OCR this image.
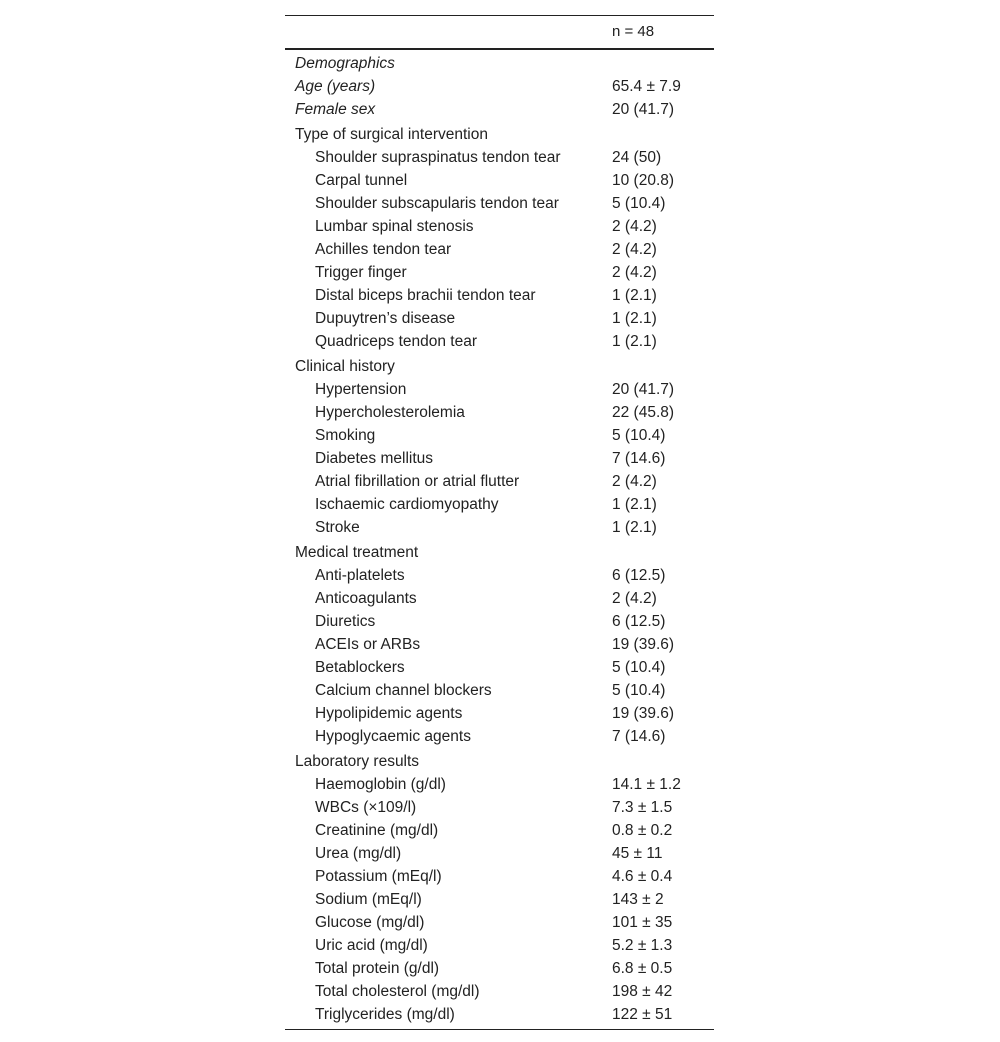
n = 48
Demographics
Age (years)	65.4 ± 7.9
Female sex	20 (41.7)
Type of surgical intervention
Shoulder supraspinatus tendon tear	24 (50)
Carpal tunnel	10 (20.8)
Shoulder subscapularis tendon tear	5 (10.4)
Lumbar spinal stenosis	2 (4.2)
Achilles tendon tear	2 (4.2)
Trigger finger	2 (4.2)
Distal biceps brachii tendon tear	1 (2.1)
Dupuytren’s disease	1 (2.1)
Quadriceps tendon tear	1 (2.1)
Clinical history
Hypertension	20 (41.7)
Hypercholesterolemia	22 (45.8)
Smoking	5 (10.4)
Diabetes mellitus	7 (14.6)
Atrial fibrillation or atrial flutter	2 (4.2)
Ischaemic cardiomyopathy	1 (2.1)
Stroke	1 (2.1)
Medical treatment
Anti-platelets	6 (12.5)
Anticoagulants	2 (4.2)
Diuretics	6 (12.5)
ACEIs or ARBs	19 (39.6)
Betablockers	5 (10.4)
Calcium channel blockers	5 (10.4)
Hypolipidemic agents	19 (39.6)
Hypoglycaemic agents	7 (14.6)
Laboratory results
Haemoglobin (g/dl)	14.1 ± 1.2
WBCs (×109/l)	7.3 ± 1.5
Creatinine (mg/dl)	0.8 ± 0.2
Urea (mg/dl)	45 ± 11
Potassium (mEq/l)	4.6 ± 0.4
Sodium (mEq/l)	143 ± 2
Glucose (mg/dl)	101 ± 35
Uric acid (mg/dl)	5.2 ± 1.3
Total protein (g/dl)	6.8 ± 0.5
Total cholesterol (mg/dl)	198 ± 42
Triglycerides (mg/dl)	122 ± 51
